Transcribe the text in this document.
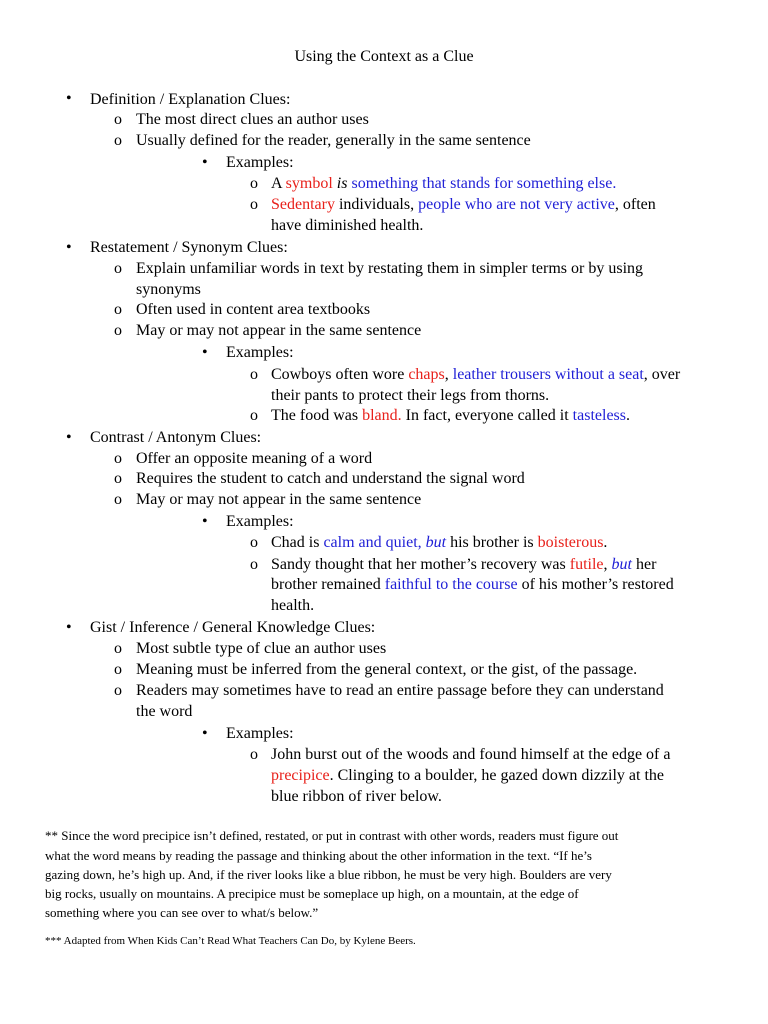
Using the Context as a Clue
• Definition / Explanation Clues:
o The most direct clues an author uses
o Usually defined for the reader, generally in the same sentence
• Examples:
o A symbol is something that stands for something else.
o Sedentary individuals, people who are not very active, often
have diminished health.
• Restatement / Synonym Clues:
o Explain unfamiliar words in text by restating them in simpler terms or by using
synonyms
o Often used in content area textbooks
o May or may not appear in the same sentence
• Examples:
o Cowboys often wore chaps, leather trousers without a seat, over
their pants to protect their legs from thorns.
o The food was bland. In fact, everyone called it tasteless.
• Contrast / Antonym Clues:
o Offer an opposite meaning of a word
o Requires the student to catch and understand the signal word
o May or may not appear in the same sentence
• Examples:
o Chad is calm and quiet, but his brother is boisterous.
o Sandy thought that her mother’s recovery was futile, but her
brother remained faithful to the course of his mother’s restored
health.
• Gist / Inference / General Knowledge Clues:
o Most subtle type of clue an author uses
o Meaning must be inferred from the general context, or the gist, of the passage.
o Readers may sometimes have to read an entire passage before they can understand
the word
• Examples:
o John burst out of the woods and found himself at the edge of a
precipice. Clinging to a boulder, he gazed down dizzily at the
blue ribbon of river below.
** Since the word precipice isn’t defined, restated, or put in contrast with other words, readers must figure out
what the word means by reading the passage and thinking about the other information in the text. “If he’s
gazing down, he’s high up. And, if the river looks like a blue ribbon, he must be very high. Boulders are very
big rocks, usually on mountains. A precipice must be someplace up high, on a mountain, at the edge of
something where you can see over to what/s below.”
*** Adapted from When Kids Can’t Read What Teachers Can Do, by Kylene Beers.
